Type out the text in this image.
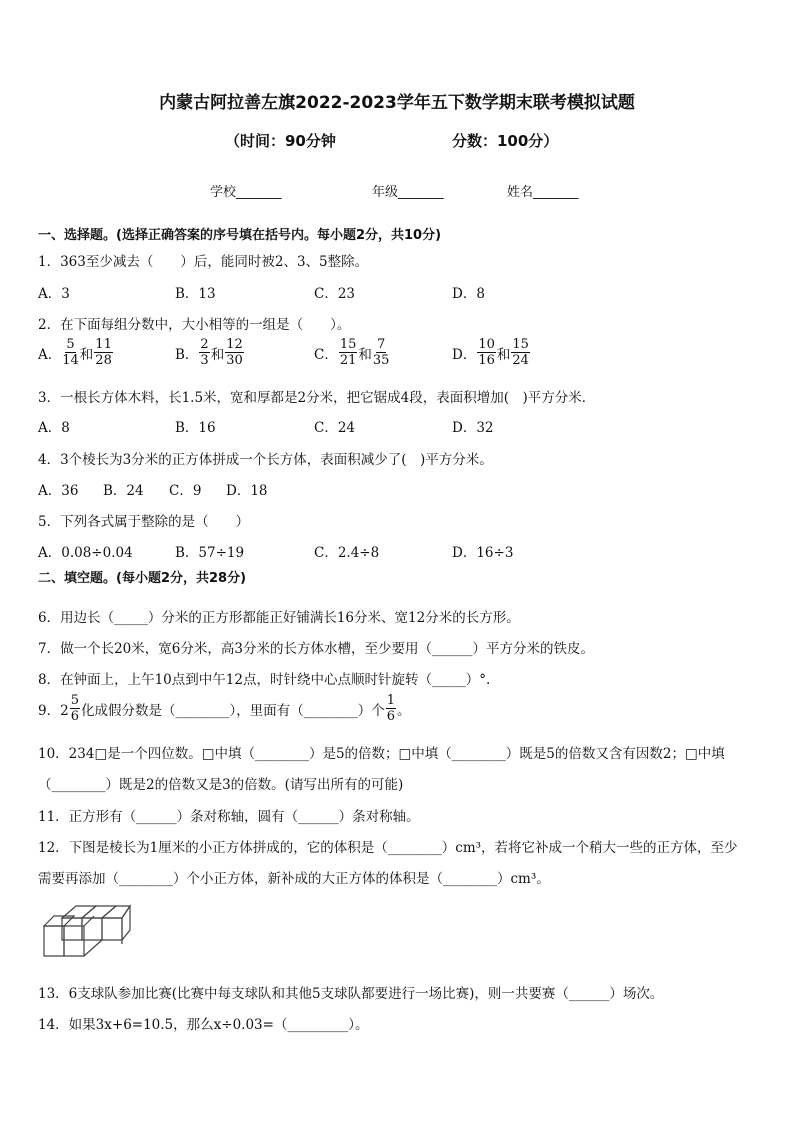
内蒙古阿拉善左旗2022-2023学年五下数学期末联考模拟试题
（时间：90分钟	分数：100分）
学校_______	年级_______	姓名_______
一、选择题。(选择正确答案的序号填在括号内。每小题2分，共10分)
1．363至少减去（　　）后，能同时被2、3、5整除。
A．3	B．13	C．23	D．8
2．在下面每组分数中，大小相等的一组是（　　）。
A． $\frac{5}{14}$ 和 $\frac{11}{28}$	B． $\frac{2}{3}$ 和 $\frac{12}{30}$	C． $\frac{15}{21}$ 和 $\frac{7}{35}$	D． $\frac{10}{16}$ 和 $\frac{15}{24}$
3．一根长方体木料，长1.5米，宽和厚都是2分米，把它锯成4段，表面积增加(　)平方分米．
A．8	B．16	C．24	D．32
4．3个棱长为3分米的正方体拼成一个长方体，表面积减少了(　)平方分米。
A．36 B．24 C．9 D．18
5．下列各式属于整除的是（　　）
A．0.08÷0.04	B．57÷19	C．2.4÷8	D．16÷3
二、填空题。(每小题2分，共28分)
6．用边长（_____）分米的正方形都能正好铺满长16分米、宽12分米的长方形。
7．做一个长20米，宽6分米，高3分米的长方体水槽，至少要用（______）平方分米的铁皮。
8．在钟面上，上午10点到中午12点，时针绕中心点顺时针旋转（_____）°.
9．$2 \frac{5}{6}$ 化成假分数是（________），里面有（________）个 $\frac{1}{6}$ 。
10．234□是一个四位数。□中填（________）是5的倍数；□中填（________）既是5的倍数又含有因数2；□中填
（________）既是2的倍数又是3的倍数。(请写出所有的可能)
11．正方形有（______）条对称轴，圆有（______）条对称轴。
12．下图是棱长为1厘米的小正方体拼成的，它的体积是（________）cm³，若将它补成一个稍大一些的正方体，至少
需要再添加（________）个小正方体，新补成的大正方体的体积是（________）cm³。
13．6支球队参加比赛(比赛中每支球队和其他5支球队都要进行一场比赛)，则一共要赛（______）场次。
14．如果3x+6=10.5，那么x÷0.03=（_________）。
